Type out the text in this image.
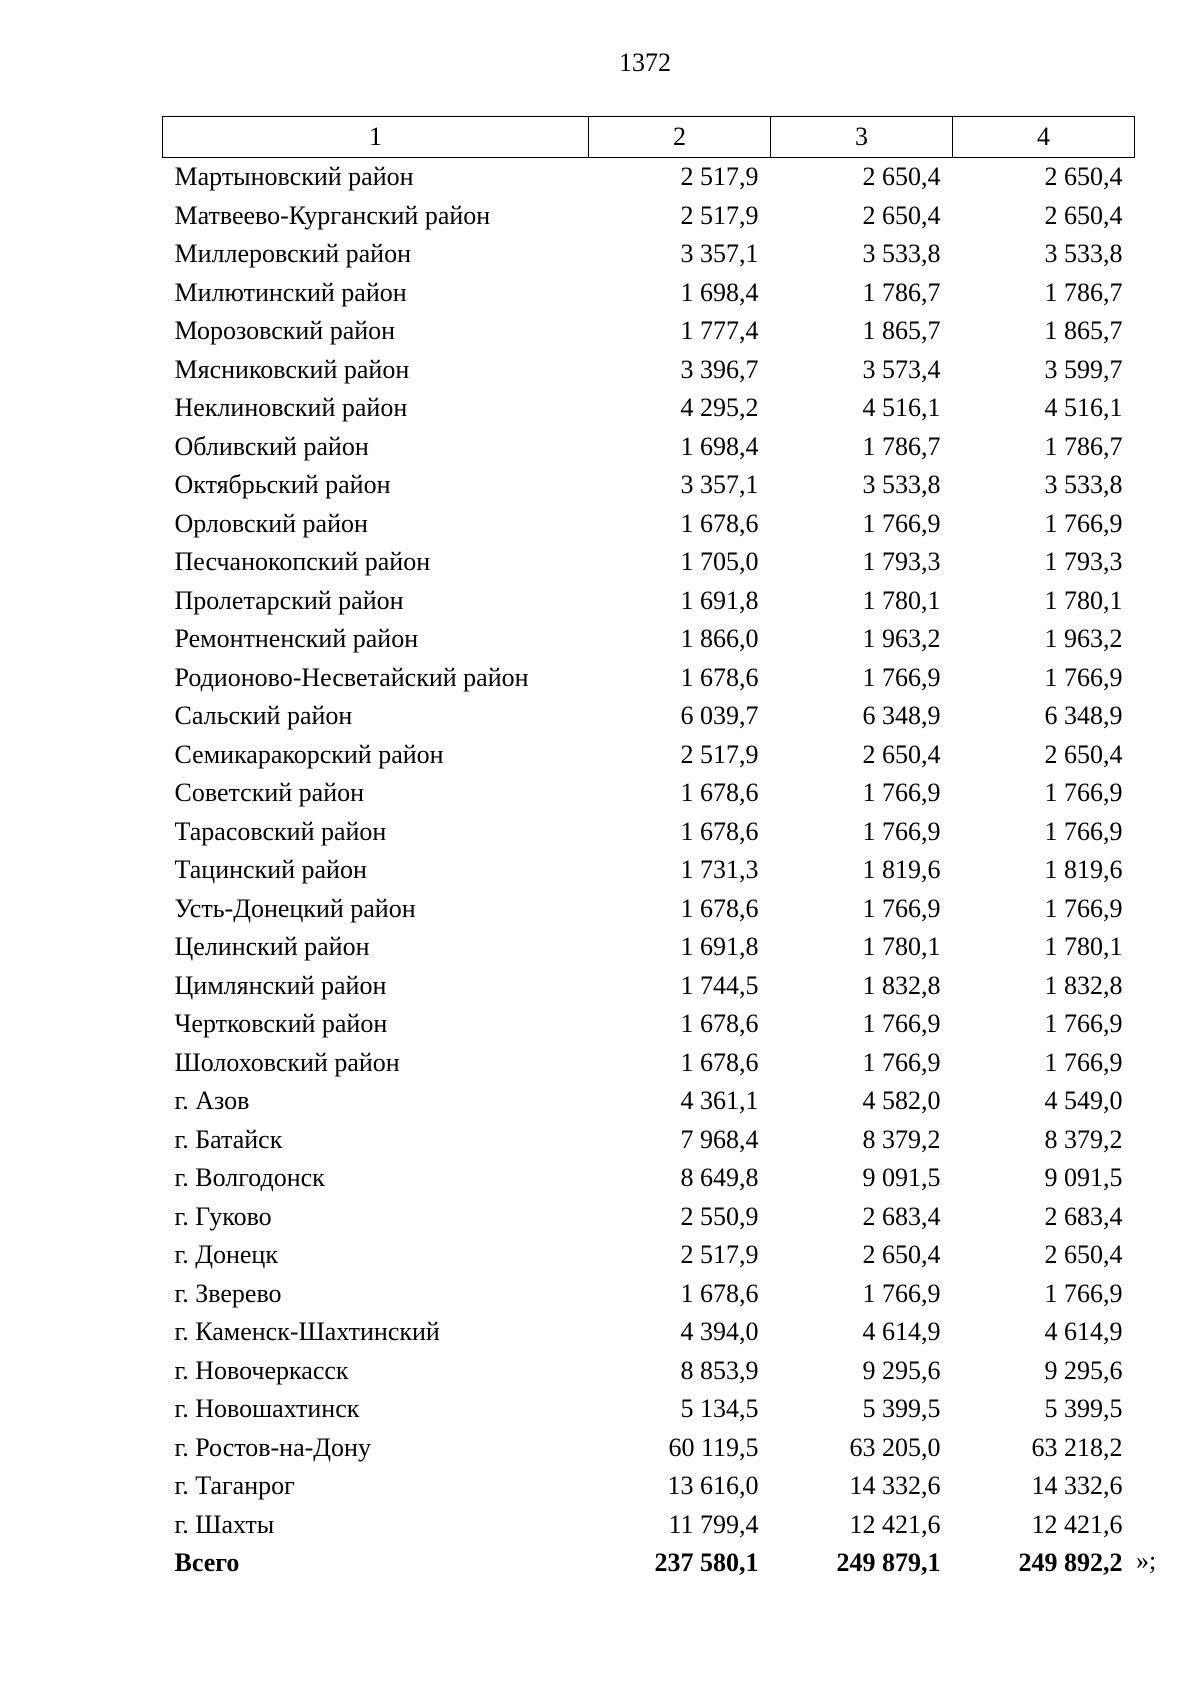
1372
1	2	3	4
Мартыновский район	2 517,9	2 650,4	2 650,4
Матвеево-Курганский район	2 517,9	2 650,4	2 650,4
Миллеровский район	3 357,1	3 533,8	3 533,8
Милютинский район	1 698,4	1 786,7	1 786,7
Морозовский район	1 777,4	1 865,7	1 865,7
Мясниковский район	3 396,7	3 573,4	3 599,7
Неклиновский район	4 295,2	4 516,1	4 516,1
Обливский район	1 698,4	1 786,7	1 786,7
Октябрьский район	3 357,1	3 533,8	3 533,8
Орловский район	1 678,6	1 766,9	1 766,9
Песчанокопский район	1 705,0	1 793,3	1 793,3
Пролетарский район	1 691,8	1 780,1	1 780,1
Ремонтненский район	1 866,0	1 963,2	1 963,2
Родионово-Несветайский район	1 678,6	1 766,9	1 766,9
Сальский район	6 039,7	6 348,9	6 348,9
Семикаракорский район	2 517,9	2 650,4	2 650,4
Советский район	1 678,6	1 766,9	1 766,9
Тарасовский район	1 678,6	1 766,9	1 766,9
Тацинский район	1 731,3	1 819,6	1 819,6
Усть-Донецкий район	1 678,6	1 766,9	1 766,9
Целинский район	1 691,8	1 780,1	1 780,1
Цимлянский район	1 744,5	1 832,8	1 832,8
Чертковский район	1 678,6	1 766,9	1 766,9
Шолоховский район	1 678,6	1 766,9	1 766,9
г. Азов	4 361,1	4 582,0	4 549,0
г. Батайск	7 968,4	8 379,2	8 379,2
г. Волгодонск	8 649,8	9 091,5	9 091,5
г. Гуково	2 550,9	2 683,4	2 683,4
г. Донецк	2 517,9	2 650,4	2 650,4
г. Зверево	1 678,6	1 766,9	1 766,9
г. Каменск-Шахтинский	4 394,0	4 614,9	4 614,9
г. Новочеркасск	8 853,9	9 295,6	9 295,6
г. Новошахтинск	5 134,5	5 399,5	5 399,5
г. Ростов-на-Дону	60 119,5	63 205,0	63 218,2
г. Таганрог	13 616,0	14 332,6	14 332,6
г. Шахты	11 799,4	12 421,6	12 421,6
Всего	237 580,1	249 879,1	249 892,2 »;
